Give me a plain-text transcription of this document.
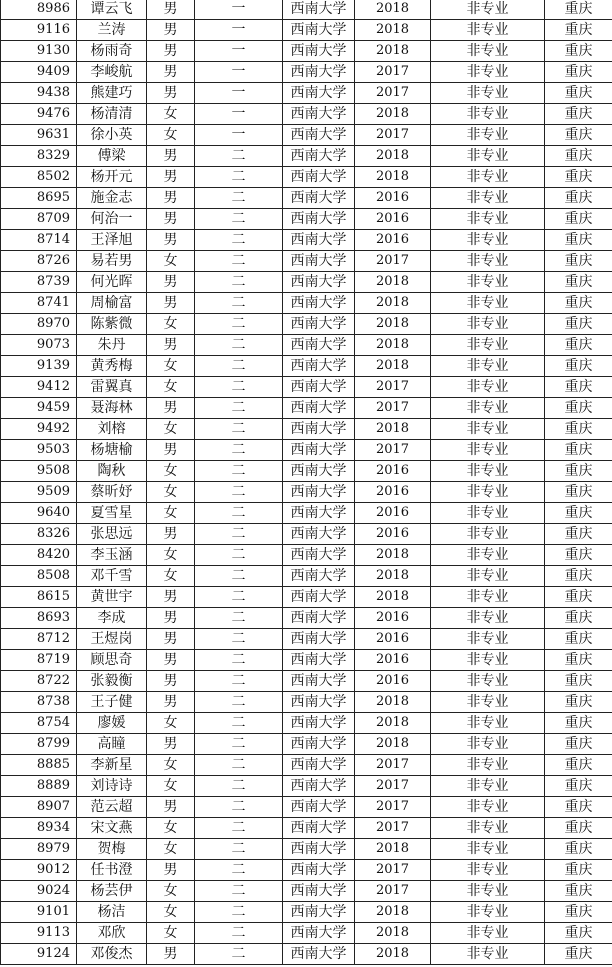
8986	谭云飞	男	一	西南大学	2018	非专业	重庆
9116	兰涛	男	一	西南大学	2018	非专业	重庆
9130	杨雨奇	男	一	西南大学	2018	非专业	重庆
9409	李峻航	男	一	西南大学	2017	非专业	重庆
9438	熊建巧	男	一	西南大学	2017	非专业	重庆
9476	杨清清	女	一	西南大学	2018	非专业	重庆
9631	徐小英	女	一	西南大学	2017	非专业	重庆
8329	傅梁	男	二	西南大学	2018	非专业	重庆
8502	杨开元	男	二	西南大学	2018	非专业	重庆
8695	施金志	男	二	西南大学	2016	非专业	重庆
8709	何治一	男	二	西南大学	2016	非专业	重庆
8714	王泽旭	男	二	西南大学	2016	非专业	重庆
8726	易若男	女	二	西南大学	2017	非专业	重庆
8739	何光晖	男	二	西南大学	2018	非专业	重庆
8741	周榆富	男	二	西南大学	2018	非专业	重庆
8970	陈紫微	女	二	西南大学	2018	非专业	重庆
9073	朱丹	男	二	西南大学	2018	非专业	重庆
9139	黄秀梅	女	二	西南大学	2018	非专业	重庆
9412	雷翼真	女	二	西南大学	2017	非专业	重庆
9459	聂海林	男	二	西南大学	2017	非专业	重庆
9492	刘榕	女	二	西南大学	2018	非专业	重庆
9503	杨塘榆	男	二	西南大学	2017	非专业	重庆
9508	陶秋	女	二	西南大学	2016	非专业	重庆
9509	蔡昕妤	女	二	西南大学	2016	非专业	重庆
9640	夏雪星	女	二	西南大学	2016	非专业	重庆
8326	张思远	男	二	西南大学	2016	非专业	重庆
8420	李玉涵	女	二	西南大学	2018	非专业	重庆
8508	邓千雪	女	二	西南大学	2018	非专业	重庆
8615	黄世宇	男	二	西南大学	2018	非专业	重庆
8693	李成	男	二	西南大学	2016	非专业	重庆
8712	王煜岗	男	二	西南大学	2016	非专业	重庆
8719	顾思奇	男	二	西南大学	2016	非专业	重庆
8722	张毅衡	男	二	西南大学	2016	非专业	重庆
8738	王子健	男	二	西南大学	2018	非专业	重庆
8754	廖媛	女	二	西南大学	2018	非专业	重庆
8799	高瞳	男	二	西南大学	2018	非专业	重庆
8885	李新星	女	二	西南大学	2017	非专业	重庆
8889	刘诗诗	女	二	西南大学	2017	非专业	重庆
8907	范云超	男	二	西南大学	2017	非专业	重庆
8934	宋文燕	女	二	西南大学	2017	非专业	重庆
8979	贺梅	女	二	西南大学	2018	非专业	重庆
9012	任书澄	男	二	西南大学	2017	非专业	重庆
9024	杨芸伊	女	二	西南大学	2017	非专业	重庆
9101	杨洁	女	二	西南大学	2018	非专业	重庆
9113	邓欣	女	二	西南大学	2018	非专业	重庆
9124	邓俊杰	男	二	西南大学	2018	非专业	重庆
